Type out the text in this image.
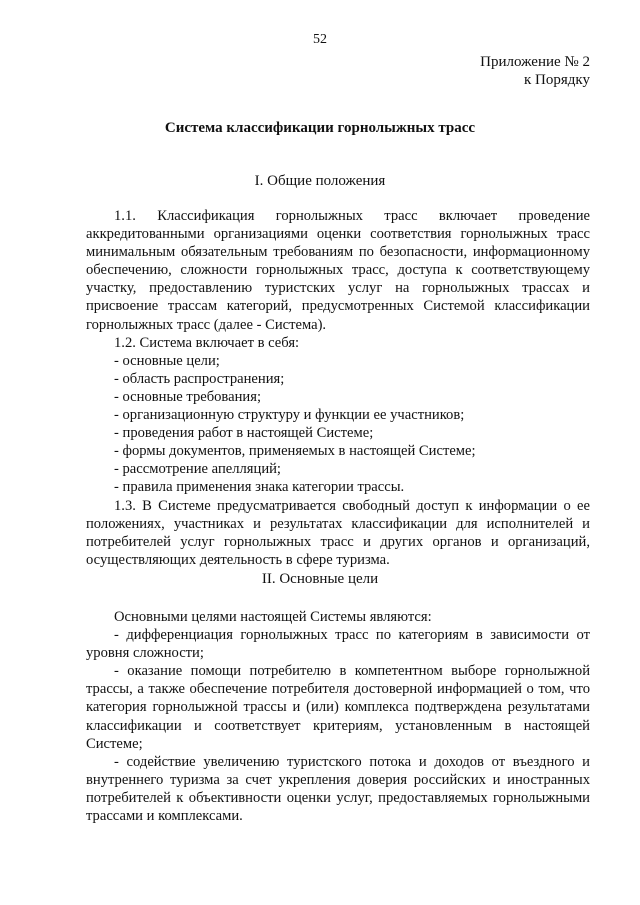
52
Приложение № 2
к Порядку
Система классификации горнолыжных трасс
I. Общие положения

1.1. Классификация горнолыжных трасс включает проведение аккредитованными организациями оценки соответствия горнолыжных трасс минимальным обязательным требованиям по безопасности, информационному обеспечению, сложности горнолыжных трасс, доступа к соответствующему участку, предоставлению туристских услуг на горнолыжных трассах и присвоение трассам категорий, предусмотренных Системой классификации горнолыжных трасс (далее - Система).

1.2. Система включает в себя:

- основные цели;

- область распространения;

- основные требования;

- организационную структуру и функции ее участников;

- проведения работ в настоящей Системе;

- формы документов, применяемых в настоящей Системе;

- рассмотрение апелляций;

- правила применения знака категории трассы.

1.3. В Системе предусматривается свободный доступ к информации о ее положениях, участниках и результатах классификации для исполнителей и потребителей услуг горнолыжных трасс и других органов и организаций, осуществляющих деятельность в сфере туризма.

II. Основные цели

Основными целями настоящей Системы являются:

- дифференциация горнолыжных трасс по категориям в зависимости от уровня сложности;

- оказание помощи потребителю в компетентном выборе горнолыжной трассы, а также обеспечение потребителя достоверной информацией о том, что категория горнолыжной трассы и (или) комплекса подтверждена результатами классификации и соответствует критериям, установленным в настоящей Системе;

- содействие увеличению туристского потока и доходов от въездного и внутреннего туризма за счет укрепления доверия российских и иностранных потребителей к объективности оценки услуг, предоставляемых горнолыжными трассами и комплексами.
